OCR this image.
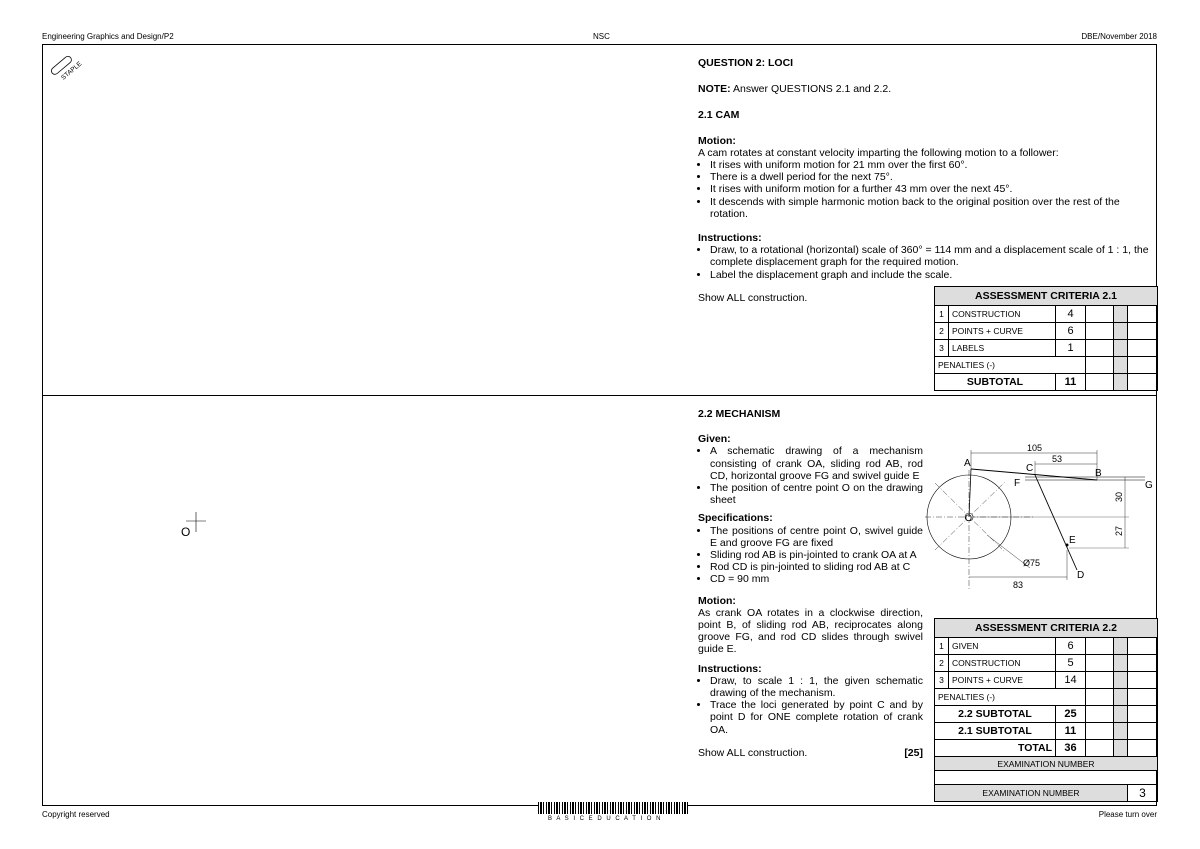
Engineering Graphics and Design/P2	NSC	DBE/November 2018
STAPLE	QUESTION 2: LOCI
NOTE: Answer QUESTIONS 2.1 and 2.2.
2.1 CAM
Motion:
A cam rotates at constant velocity imparting the following motion to a follower:
• It rises with uniform motion for 21 mm over the first 60°.
• There is a dwell period for the next 75°.
• It rises with uniform motion for a further 43 mm over the next 45°.
• It descends with simple harmonic motion back to the original position over the rest of the rotation.
Instructions:
• Draw, to a rotational (horizontal) scale of 360° = 114 mm and a displacement scale of 1 : 1, the complete displacement graph for the required motion.
• Label the displacement graph and include the scale.
Show ALL construction.	ASSESSMENT CRITERIA 2.1					
1	CONSTRUCTION	4			
2	POINTS + CURVE	6			
3	LABELS	1			
PENALTIES (-)					
SUBTOTAL		11			
2.2 MECHANISM
Given:
• A schematic drawing of a mechanism consisting of crank OA, sliding rod AB, rod CD, horizontal groove FG and swivel guide E
• The position of centre point O on the drawing sheet
Specifications:
• The positions of centre point O, swivel guide E and groove FG are fixed
• Sliding rod AB is pin-jointed to crank OA at A
• Rod CD is pin-jointed to sliding rod AB at C
• CD = 90 mm
Motion:
As crank OA rotates in a clockwise direction, point B, of sliding rod AB, reciprocates along groove FG, and rod CD slides through swivel guide E.
Instructions:
• Draw, to scale 1 : 1, the given schematic drawing of the mechanism.
• Trace the loci generated by point C and by point D for ONE complete rotation of crank OA.
Show ALL construction.	[25]
105
53
30
27
Ø75
83
A	C	B
F	G
O
E
D
O
ASSESSMENT CRITERIA 2.2					
1	GIVEN	6			
2	CONSTRUCTION	5			
3	POINTS + CURVE	14			
PENALTIES (-)					
2.2 SUBTOTAL		25			
2.1 SUBTOTAL		11			
TOTAL		36			
EXAMINATION NUMBER					

EXAMINATION NUMBER					3
Copyright reserved	B A S I C E D U C A T I O N	Please turn over
